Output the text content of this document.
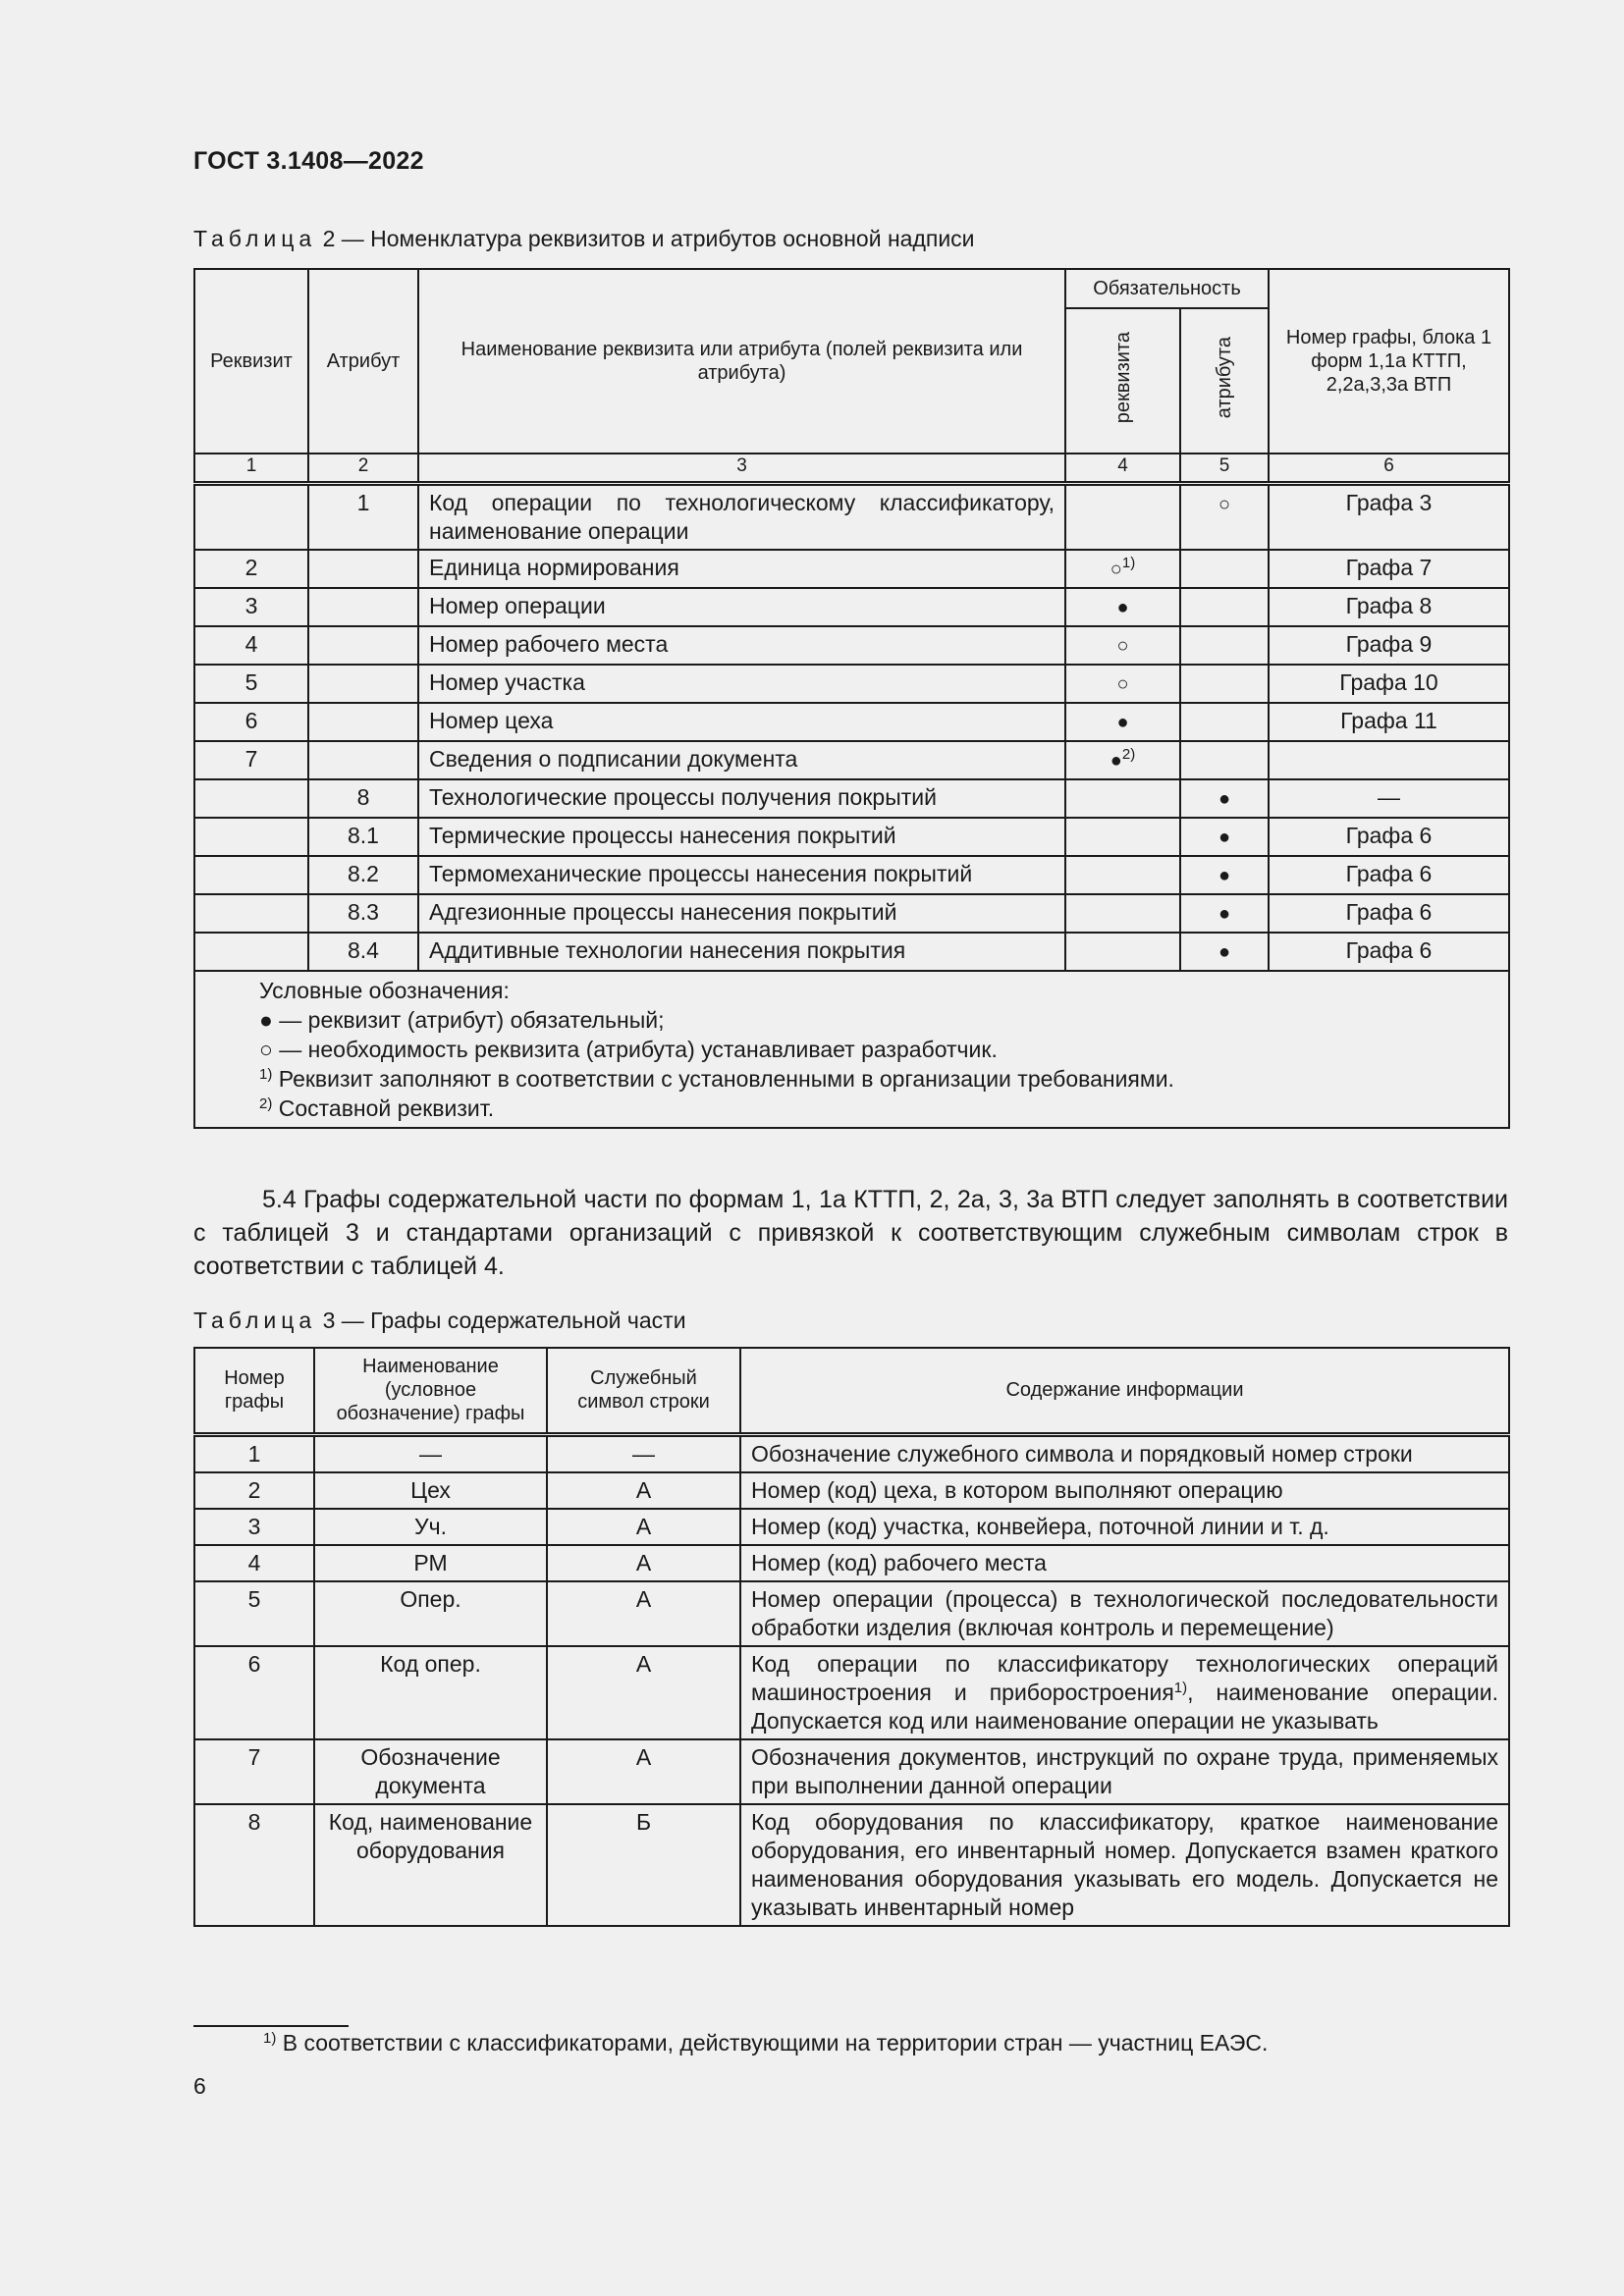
ГОСТ 3.1408—2022
Таблица 2 — Номенклатура реквизитов и атрибутов основной надписи
Реквизит	Атрибут	Наименование реквизита или атрибута (полей реквизита или атрибута)	Обязательность		Номер графы, блока 1 форм 1,1а КТТП, 2,2а,3,3а ВТП
			реквизита	атрибута	
1	2	3	4	5	6
	1	Код операции по технологическому классификатору, наименование операции		○	Графа 3
2		Единица нормирования	○$^{1)}$		Графа 7
3		Номер операции	●		Графа 8
4		Номер рабочего места	○		Графа 9
5		Номер участка	○		Графа 10
6		Номер цеха	●		Графа 11
7		Сведения о подписании документа	●$^{2)}$		
	8	Технологические процессы получения покрытий		●	—
	8.1	Термические процессы нанесения покрытий		●	Графа 6
	8.2	Термомеханические процессы нанесения покрытий		●	Графа 6
	8.3	Адгезионные процессы нанесения покрытий		●	Графа 6
	8.4	Аддитивные технологии нанесения покрытия		●	Графа 6

Условные обозначения:
● — реквизит (атрибут) обязательный;
○ — необходимость реквизита (атрибута) устанавливает разработчик.
$^{1)}$ Реквизит заполняют в соответствии с установленными в организации требованиями.
$^{2)}$ Составной реквизит.					
5.4 Графы содержательной части по формам 1, 1а КТТП, 2, 2а, 3, 3а ВТП следует заполнять в соответствии с таблицей 3 и стандартами организаций с привязкой к соответствующим служебным символам строк в соответствии с таблицей 4.
Таблица 3 — Графы содержательной части
Номер графы	Наименование (условное обозначение) графы	Служебный символ строки	Содержание информации
1	—	—	Обозначение служебного символа и порядковый номер строки
2	Цех	А	Номер (код) цеха, в котором выполняют операцию
3	Уч.	А	Номер (код) участка, конвейера, поточной линии и т. д.
4	РМ	А	Номер (код) рабочего места
5	Опер.	А	Номер операции (процесса) в технологической последовательности обработки изделия (включая контроль и перемещение)
6	Код опер.	А	Код операции по классификатору технологических операций машиностроения и приборостроения$^{1)}$, наименование операции. Допускается код или наименование операции не указывать
7	Обозначение документа	А	Обозначения документов, инструкций по охране труда, применяемых при выполнении данной операции
8	Код, наименование оборудования	Б	Код оборудования по классификатору, краткое наименование оборудования, его инвентарный номер. Допускается взамен краткого наименования оборудования указывать его модель. Допускается не указывать инвентарный номер
$^{1)}$ В соответствии с классификаторами, действующими на территории стран — участниц ЕАЭС.
6
